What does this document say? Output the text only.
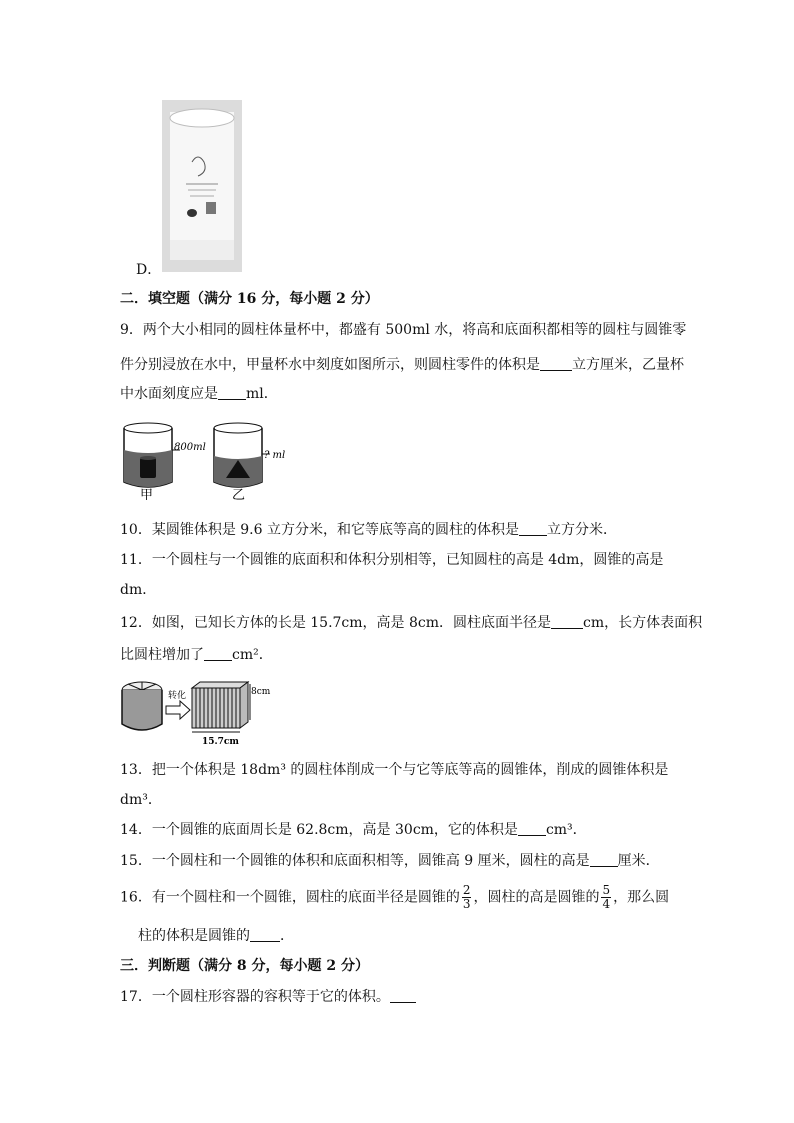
D．
二．填空题（满分 16 分，每小题 2 分）
9．两个大小相同的圆柱体量杯中，都盛有 500ml 水，将高和底面积都相等的圆柱与圆锥零
件分别浸放在水中，甲量杯水中刻度如图所示，则圆柱零件的体积是 立方厘米，乙量杯
中水面刻度应是 ml．
800ml
甲
? ml
乙
10．某圆锥体积是 9.6 立方分米，和它等底等高的圆柱的体积是 立方分米．
11．一个圆柱与一个圆锥的底面积和体积分别相等，已知圆柱的高是 4dm，圆锥的高是
dm．
12．如图，已知长方体的长是 15.7cm，高是 8cm．圆柱底面半径是 cm，长方体表面积
比圆柱增加了 cm²．
转化	8cm
15.7cm
13．把一个体积是 18dm³ 的圆柱体削成一个与它等底等高的圆锥体，削成的圆锥体积是
dm³．
14．一个圆锥的底面周长是 62.8cm，高是 30cm，它的体积是 cm³．
15．一个圆柱和一个圆锥的体积和底面积相等，圆锥高 9 厘米，圆柱的高是 厘米．
16．有一个圆柱和一个圆锥，圆柱的底面半径是圆锥的 $\frac{2}{3}$ ，圆柱的高是圆锥的 $\frac{5}{4}$ ，那么圆
柱的体积是圆锥的 ．
三．判断题（满分 8 分，每小题 2 分）
17．一个圆柱形容器的容积等于它的体积。
